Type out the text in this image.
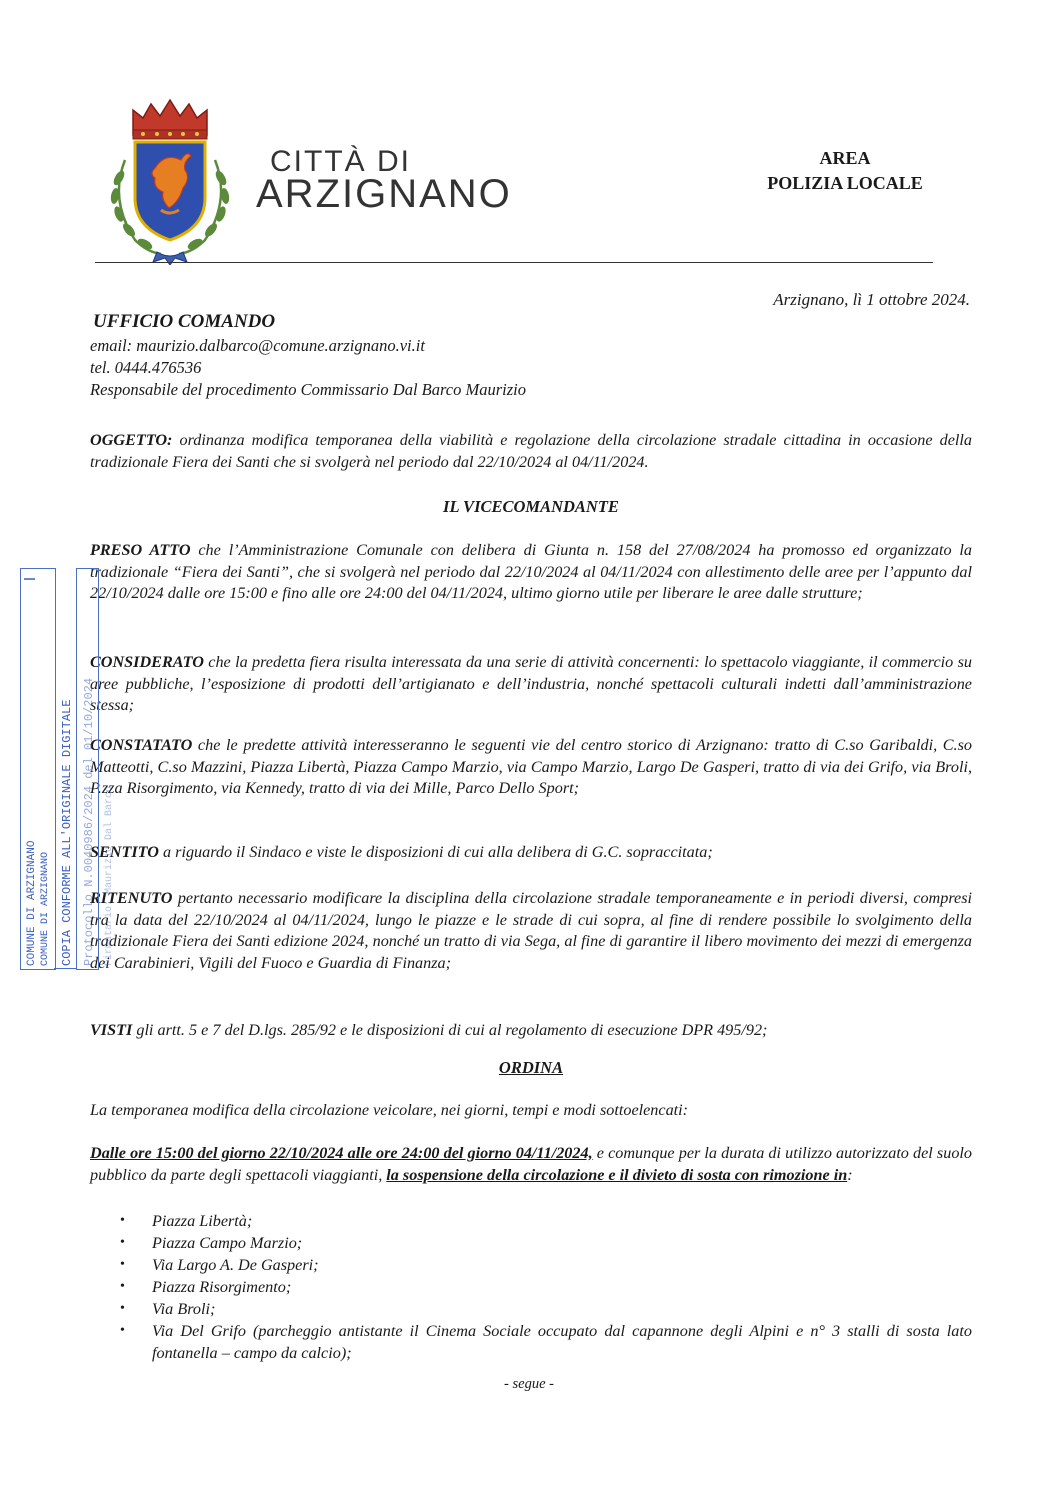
CITTÀ DI
ARZIGNANO
AREA
POLIZIA LOCALE
Arzignano, lì 1 ottobre 2024.
UFFICIO COMANDO
email: maurizio.dalbarco@comune.arzignano.vi.it
tel. 0444.476536
Responsabile del procedimento Commissario Dal Barco Maurizio
OGGETTO: ordinanza modifica temporanea della viabilità e regolazione della circolazione stradale cittadina in occasione della tradizionale Fiera dei Santi che si svolgerà nel periodo dal 22/10/2024 al 04/11/2024.
IL VICECOMANDANTE
PRESO ATTO che l’Amministrazione Comunale con delibera di Giunta n. 158 del 27/08/2024 ha promosso ed organizzato la tradizionale “Fiera dei Santi”, che si svolgerà nel periodo dal 22/10/2024 al 04/11/2024 con allestimento delle aree per l’appunto dal 22/10/2024 dalle ore 15:00 e fino alle ore 24:00 del 04/11/2024, ultimo giorno utile per liberare le aree dalle strutture;
CONSIDERATO che la predetta fiera risulta interessata da una serie di attività concernenti: lo spettacolo viaggiante, il commercio su aree pubbliche, l’esposizione di prodotti dell’artigianato e dell’industria, nonché spettacoli culturali indetti dall’amministrazione stessa;
CONSTATATO che le predette attività interesseranno le seguenti vie del centro storico di Arzignano: tratto di C.so Garibaldi, C.so Matteotti, C.so Mazzini, Piazza Libertà, Piazza Campo Marzio, via Campo Marzio, Largo De Gasperi, tratto di via dei Grifo, via Broli, P.zza Risorgimento, via Kennedy, tratto di via dei Mille, Parco Dello Sport;
SENTITO a riguardo il Sindaco e viste le disposizioni di cui alla delibera di G.C. sopraccitata;
RITENUTO pertanto necessario modificare la disciplina della circolazione stradale temporaneamente e in periodi diversi, compresi tra la data del 22/10/2024 al 04/11/2024, lungo le piazze e le strade di cui sopra, al fine di rendere possibile lo svolgimento della tradizionale Fiera dei Santi edizione 2024, nonché un tratto di via Sega, al fine di garantire il libero movimento dei mezzi di emergenza dei Carabinieri, Vigili del Fuoco e Guardia di Finanza;
VISTI gli artt. 5 e 7 del D.lgs. 285/92 e le disposizioni di cui al regolamento di esecuzione DPR 495/92;
ORDINA
La temporanea modifica della circolazione veicolare, nei giorni, tempi e modi sottoelencati:
Dalle ore 15:00 del giorno 22/10/2024 alle ore 24:00 del giorno 04/11/2024, e comunque per la durata di utilizzo autorizzato del suolo pubblico da parte degli spettacoli viaggianti, la sospensione della circolazione e il divieto di sosta con rimozione in:
• Piazza Libertà;
• Piazza Campo Marzio;
• Via Largo A. De Gasperi;
• Piazza Risorgimento;
• Via Broli;
• Via Del Grifo (parcheggio antistante il Cinema Sociale occupato dal capannone degli Alpini e n° 3 stalli di sosta lato fontanella – campo da calcio);
- segue -
COMUNE DI ARZIGNANO COMUNE DI ARZIGNANO COPIA CONFORME ALL'ORIGINALE DIGITALE Protocollo N.0040986/2024 del 01/10/2024 Firmatario: Maurizio Dal Barco
I
